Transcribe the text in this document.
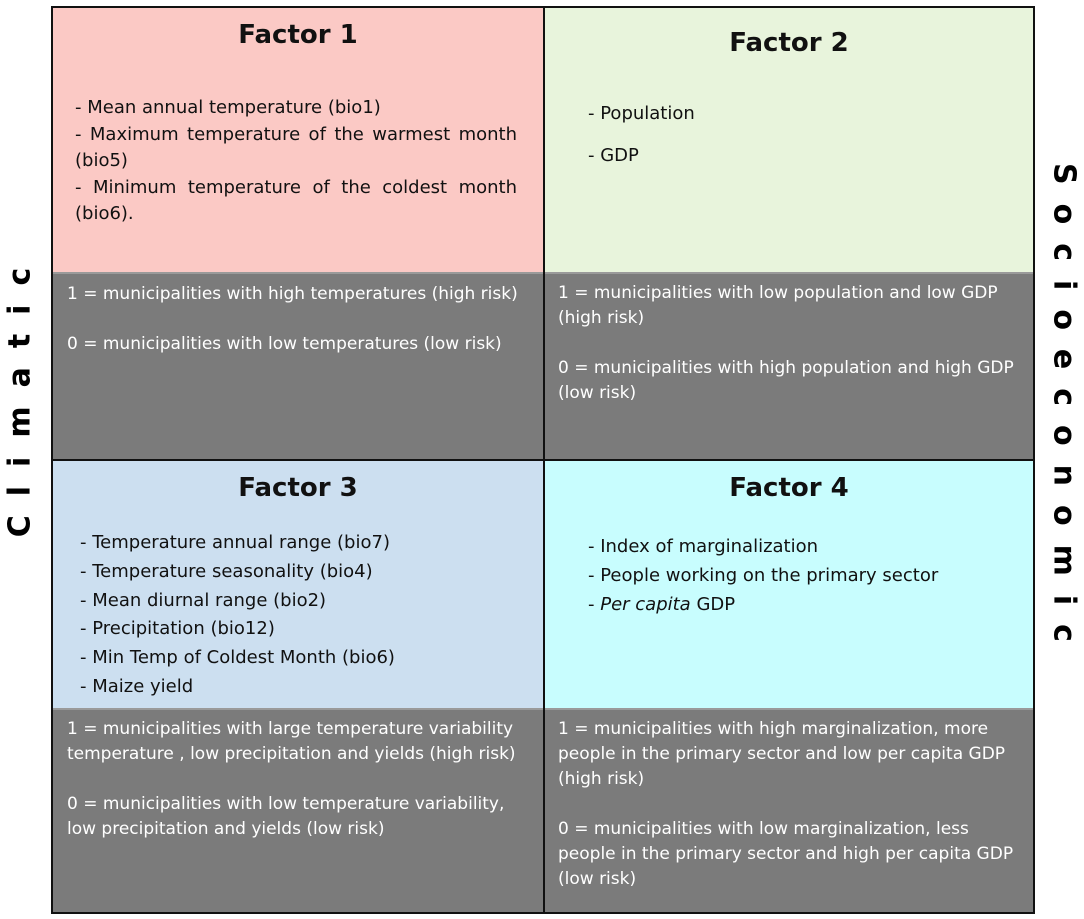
Climatic	Socioeconomic
Factor 1
- Mean annual temperature (bio1)
- Maximum temperature of the warmest month (bio5)
- Minimum temperature of the coldest month (bio6).

1 = municipalities with high temperatures (high risk)

0 = municipalities with low temperatures (low risk)

Factor 2
- Population
- GDP

1 = municipalities with low population and low GDP (high risk)

0 = municipalities with high population and high GDP (low risk)

Factor 3
- Temperature annual range (bio7)
- Temperature seasonality (bio4)
- Mean diurnal range (bio2)
- Precipitation (bio12)
- Min Temp of Coldest Month (bio6)
- Maize yield

1 = municipalities with large temperature variability temperature , low precipitation and yields (high risk)

0 = municipalities with low temperature variability, low precipitation and yields (low risk)

Factor 4
- Index of marginalization
- People working on the primary sector
- Per capita GDP

1 = municipalities with high marginalization, more people in the primary sector and low per capita GDP (high risk)

0 = municipalities with low marginalization, less people in the primary sector and high per capita GDP (low risk)
